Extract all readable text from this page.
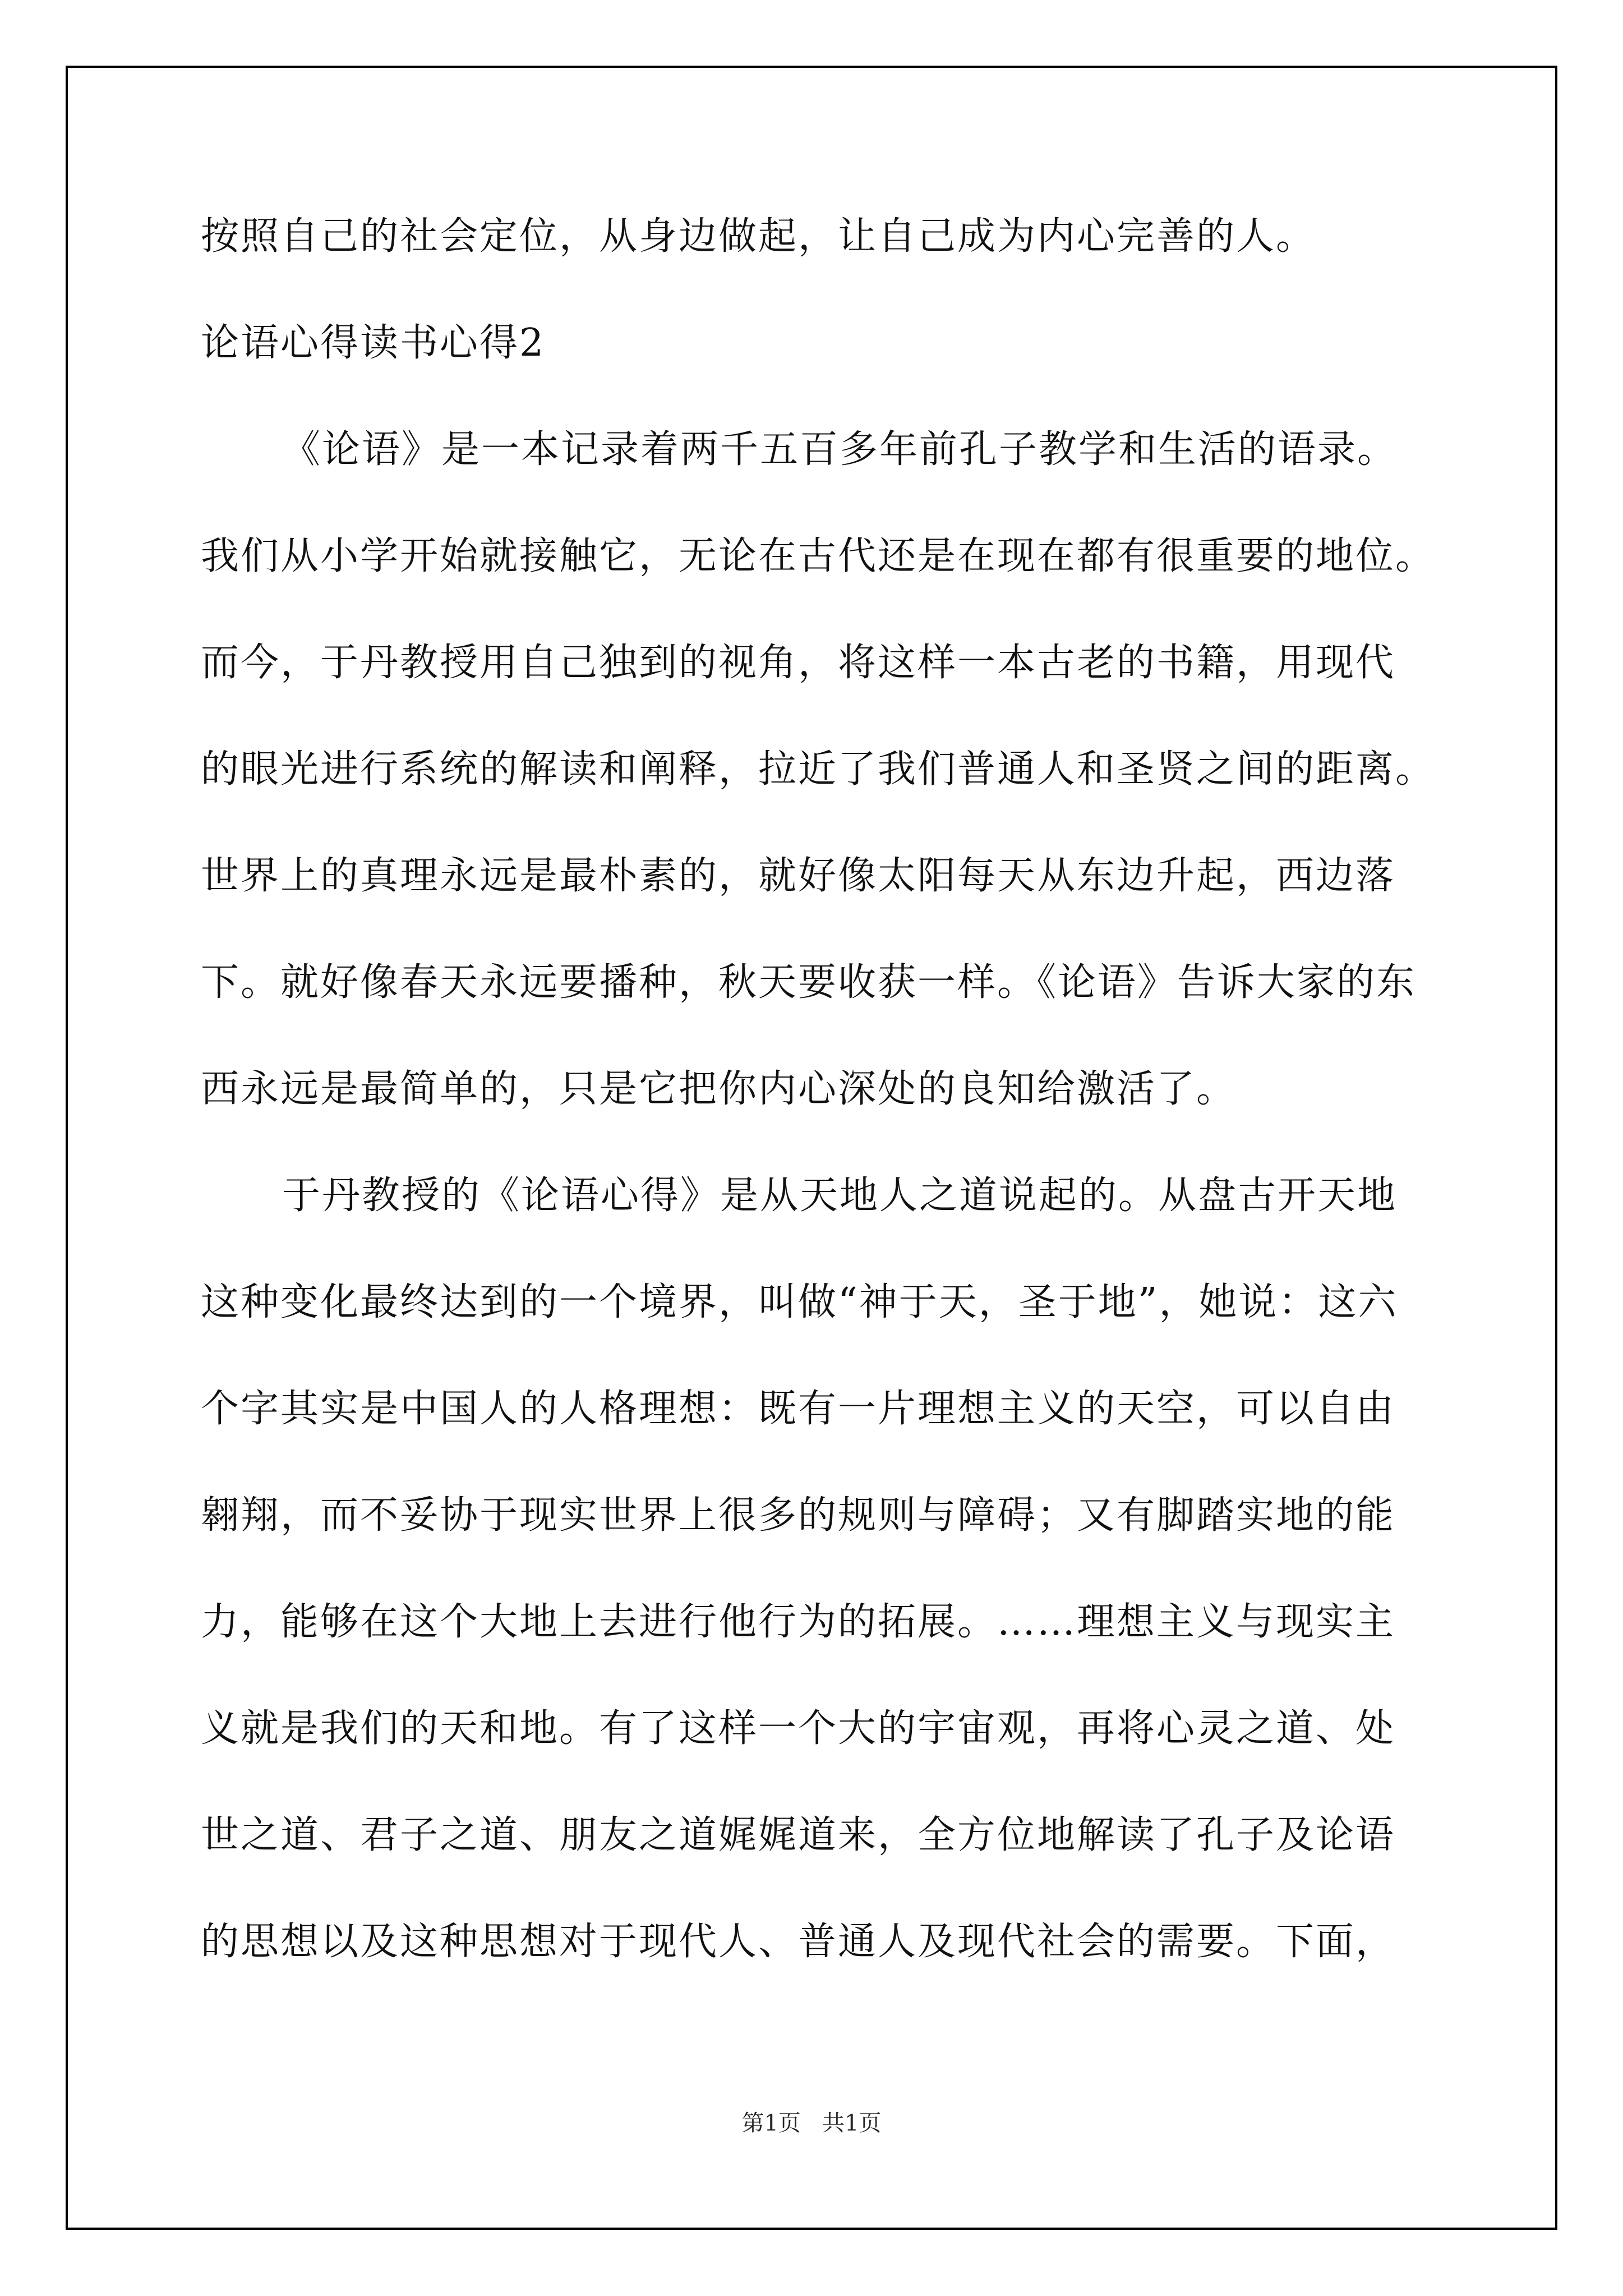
按照自己的社会定位，从身边做起，让自己成为内心完善的人。

论语心得读书心得2

《论语》是一本记录着两千五百多年前孔子教学和生活的语录。

我们从小学开始就接触它，无论在古代还是在现在都有很重要的地位。

而今，于丹教授用自己独到的视角，将这样一本古老的书籍，用现代

的眼光进行系统的解读和阐释，拉近了我们普通人和圣贤之间的距离。

世界上的真理永远是最朴素的，就好像太阳每天从东边升起，西边落

下。就好像春天永远要播种，秋天要收获一样。《论语》告诉大家的东

西永远是最简单的，只是它把你内心深处的良知给激活了。

于丹教授的《论语心得》是从天地人之道说起的。从盘古开天地

这种变化最终达到的一个境界，叫做“神于天，圣于地”，她说：这六

个字其实是中国人的人格理想：既有一片理想主义的天空，可以自由

翱翔，而不妥协于现实世界上很多的规则与障碍；又有脚踏实地的能

力，能够在这个大地上去进行他行为的拓展。……理想主义与现实主

义就是我们的天和地。有了这样一个大的宇宙观，再将心灵之道、处

世之道、君子之道、朋友之道娓娓道来，全方位地解读了孔子及论语

的思想以及这种思想对于现代人、普通人及现代社会的需要。下面，

第1页   共1页
